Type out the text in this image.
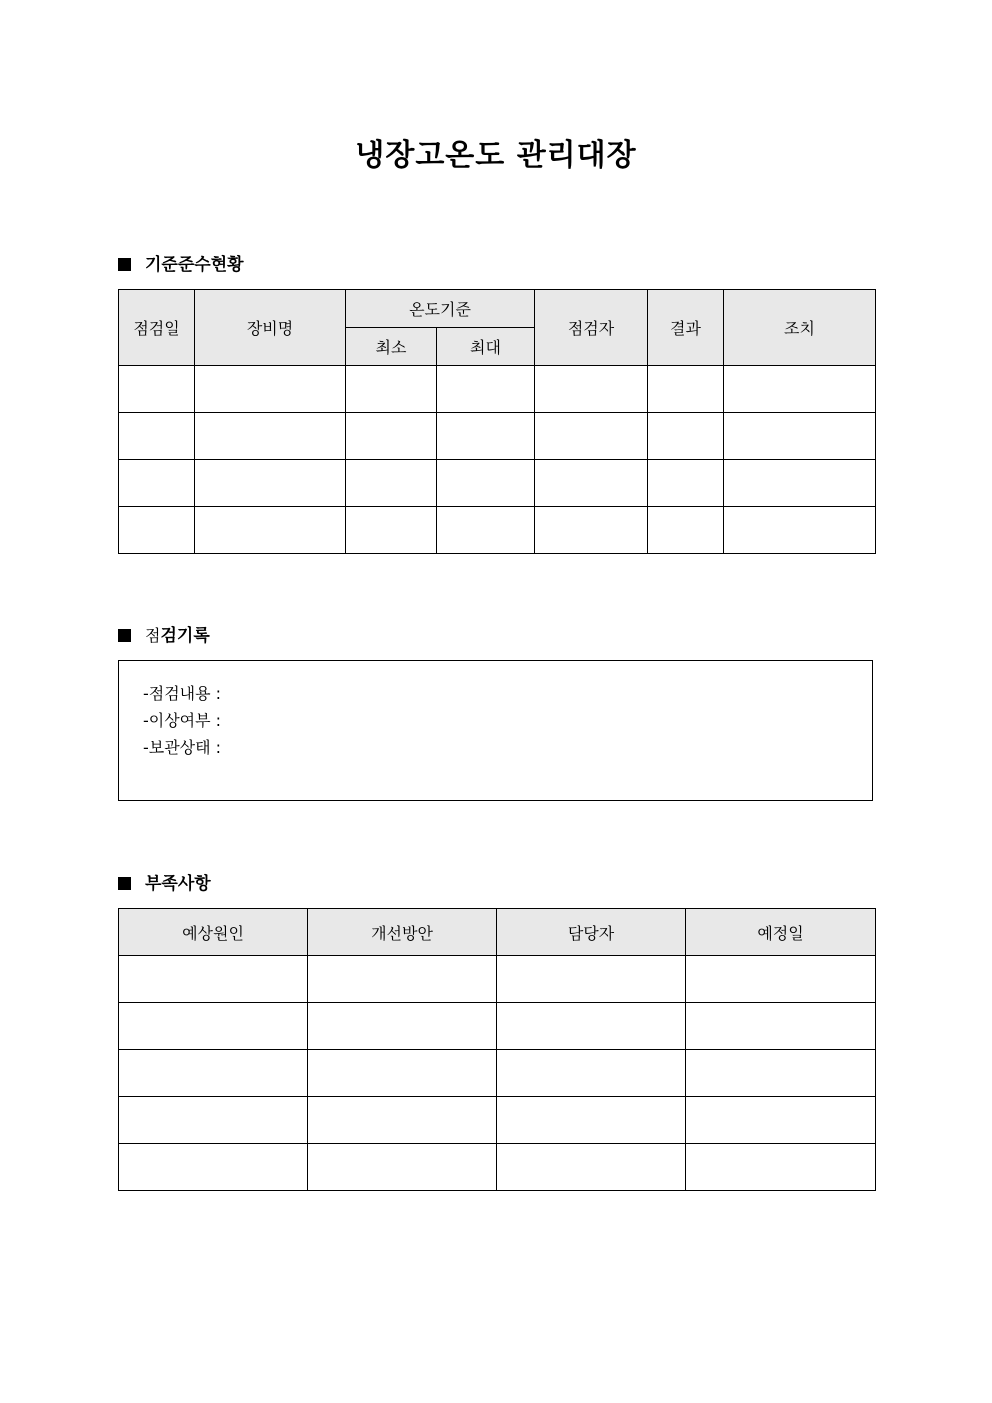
냉장고온도 관리대장
기준준수현황
점검일	장비명	온도기준		점검자	결과	조치
		최소	최대			

점검기록
-점검내용 :
-이상여부 :
-보관상태 :
부족사항
예상원인	개선방안	담당자	예정일
